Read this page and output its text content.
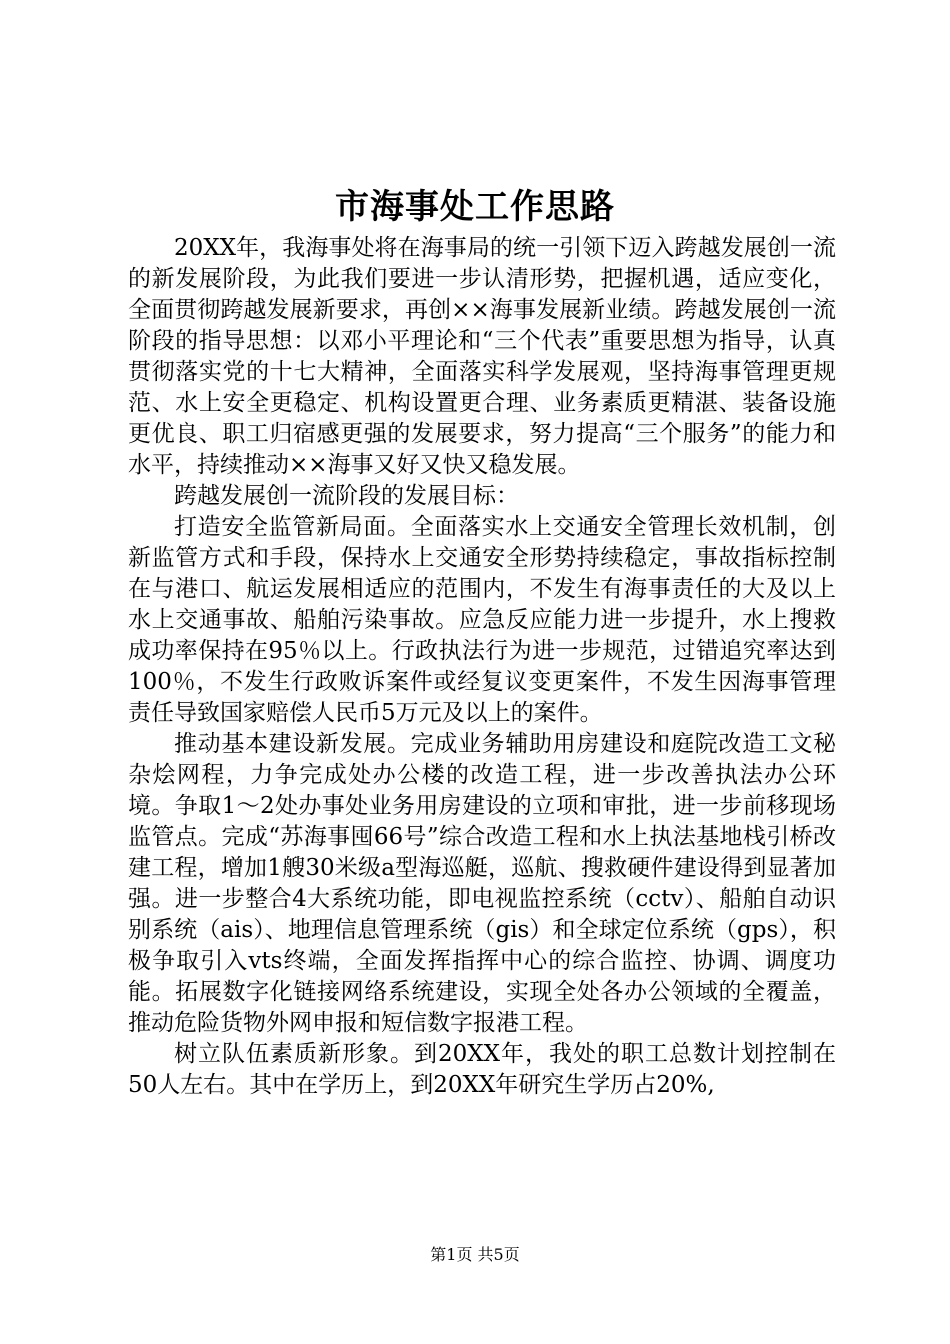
市海事处工作思路

20XX年，我海事处将在海事局的统一引领下迈入跨越发展创一流的新发展阶段，为此我们要进一步认清形势，把握机遇，适应变化，全面贯彻跨越发展新要求，再创××海事发展新业绩。跨越发展创一流阶段的指导思想：以邓小平理论和“三个代表”重要思想为指导，认真贯彻落实党的十七大精神，全面落实科学发展观，坚持海事管理更规范、水上安全更稳定、机构设置更合理、业务素质更精湛、装备设施更优良、职工归宿感更强的发展要求，努力提高“三个服务”的能力和水平，持续推动××海事又好又快又稳发展。

跨越发展创一流阶段的发展目标：

打造安全监管新局面。全面落实水上交通安全管理长效机制，创新监管方式和手段，保持水上交通安全形势持续稳定，事故指标控制在与港口、航运发展相适应的范围内，不发生有海事责任的大及以上水上交通事故、船舶污染事故。应急反应能力进一步提升，水上搜救成功率保持在95％以上。行政执法行为进一步规范，过错追究率达到100％，不发生行政败诉案件或经复议变更案件，不发生因海事管理责任导致国家赔偿人民币5万元及以上的案件。

推动基本建设新发展。完成业务辅助用房建设和庭院改造工文秘杂烩网程，力争完成处办公楼的改造工程，进一步改善执法办公环境。争取1～2处办事处业务用房建设的立项和审批，进一步前移现场监管点。完成“苏海事囤66号”综合改造工程和水上执法基地栈引桥改建工程，增加1艘30米级a型海巡艇，巡航、搜救硬件建设得到显著加强。进一步整合4大系统功能，即电视监控系统（cctv）、船舶自动识别系统（ais）、地理信息管理系统（gis）和全球定位系统（gps），积极争取引入vts终端，全面发挥指挥中心的综合监控、协调、调度功能。拓展数字化链接网络系统建设，实现全处各办公领域的全覆盖，推动危险货物外网申报和短信数字报港工程。

树立队伍素质新形象。到20XX年，我处的职工总数计划控制在50人左右。其中在学历上，到20XX年研究生学历占20%,

第1页 共5页
